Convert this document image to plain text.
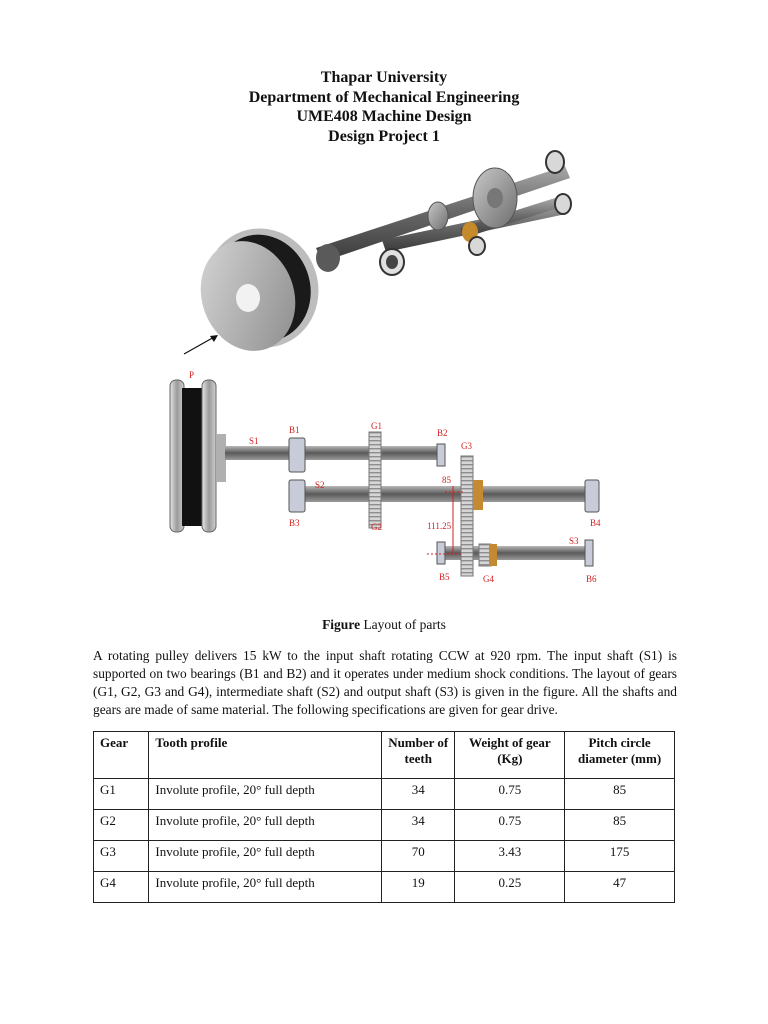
Thapar University
Department of Mechanical Engineering
UME408 Machine Design
Design Project 1
P
S1
B1	G1
B2
G3
S2	85
111.25
B3	G2	B4
S3
B5	G4	B6
Figure Layout of parts
A rotating pulley delivers 15 kW to the input shaft rotating CCW at 920 rpm. The input shaft (S1) is supported on two bearings (B1 and B2) and it operates under medium shock conditions. The layout of gears (G1, G2, G3 and G4), intermediate shaft (S2) and output shaft (S3) is given in the figure. All the shafts and gears are made of same material. The following specifications are given for gear drive.
Gear	Tooth profile	Number of teeth	Weight of gear (Kg)	Pitch circle diameter (mm)
G1	Involute profile, 20° full depth	34	0.75	85
G2	Involute profile, 20° full depth	34	0.75	85
G3	Involute profile, 20° full depth	70	3.43	175
G4	Involute profile, 20° full depth	19	0.25	47
